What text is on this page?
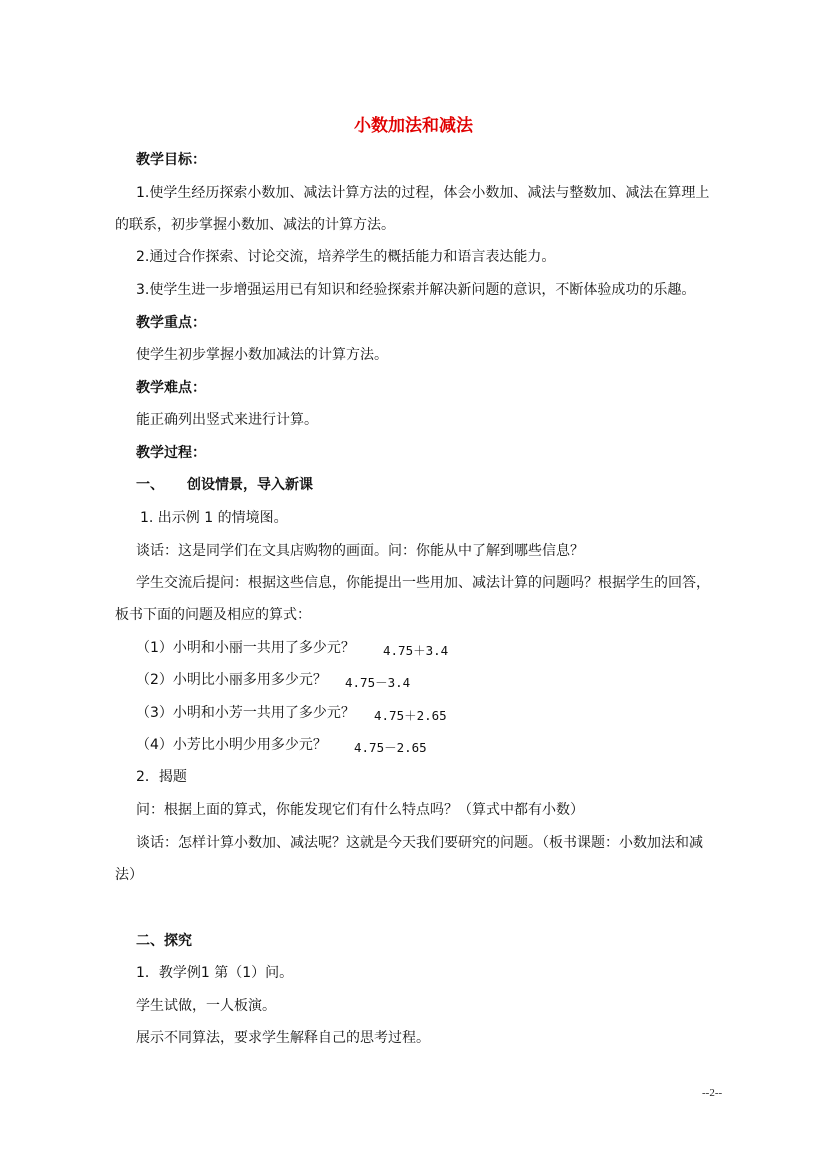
小数加法和减法
教学目标：
1.使学生经历探索小数加、减法计算方法的过程，体会小数加、减法与整数加、减法在算理上
的联系，初步掌握小数加、减法的计算方法。
2.通过合作探索、讨论交流，培养学生的概括能力和语言表达能力。
3.使学生进一步增强运用已有知识和经验探索并解决新问题的意识，不断体验成功的乐趣。
教学重点：
使学生初步掌握小数加减法的计算方法。
教学难点：
能正确列出竖式来进行计算。
教学过程：
一、	创设情景，导入新课
1. 出示例 1 的情境图。
谈话：这是同学们在文具店购物的画面。问：你能从中了解到哪些信息？
学生交流后提问：根据这些信息，你能提出一些用加、减法计算的问题吗？根据学生的回答，
板书下面的问题及相应的算式：
（1）小明和小丽一共用了多少元？	4.75＋3.4
（2）小明比小丽多用多少元？	4.75－3.4
（3）小明和小芳一共用了多少元？	4.75＋2.65
（4）小芳比小明少用多少元？	4.75－2.65
2．揭题
问：根据上面的算式，你能发现它们有什么特点吗？（算式中都有小数）
谈话：怎样计算小数加、减法呢？这就是今天我们要研究的问题。（板书课题：小数加法和减
法）
二、探究
1．教学例1 第（1）问。
学生试做，一人板演。
展示不同算法，要求学生解释自己的思考过程。
--2--
